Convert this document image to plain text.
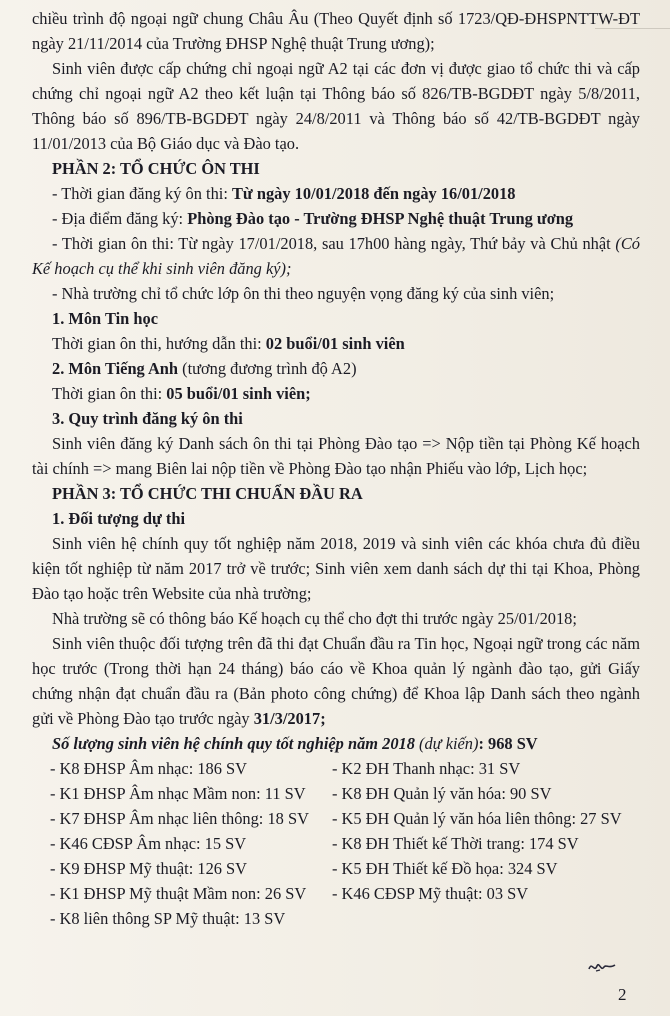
chiều trình độ ngoại ngữ chung Châu Âu (Theo Quyết định số 1723/QĐ-ĐHSPNTTW-ĐT ngày 21/11/2014 của Trường ĐHSP Nghệ thuật Trung ương);

Sinh viên được cấp chứng chỉ ngoại ngữ A2 tại các đơn vị được giao tổ chức thi và cấp chứng chỉ ngoại ngữ A2 theo kết luận tại Thông báo số 826/TB-BGDĐT ngày 5/8/2011, Thông báo số 896/TB-BGDĐT ngày 24/8/2011 và Thông báo số 42/TB-BGDĐT ngày 11/01/2013 của Bộ Giáo dục và Đào tạo.

PHẦN 2: TỔ CHỨC ÔN THI

- Thời gian đăng ký ôn thi: Từ ngày 10/01/2018 đến ngày 16/01/2018

- Địa điểm đăng ký: Phòng Đào tạo - Trường ĐHSP Nghệ thuật Trung ương

- Thời gian ôn thi: Từ ngày 17/01/2018, sau 17h00 hàng ngày, Thứ bảy và Chủ nhật (Có Kế hoạch cụ thể khi sinh viên đăng ký);

- Nhà trường chỉ tổ chức lớp ôn thi theo nguyện vọng đăng ký của sinh viên;

1. Môn Tin học

Thời gian ôn thi, hướng dẫn thi: 02 buổi/01 sinh viên

2. Môn Tiếng Anh (tương đương trình độ A2)

Thời gian ôn thi: 05 buổi/01 sinh viên;

3. Quy trình đăng ký ôn thi

Sinh viên đăng ký Danh sách ôn thi tại Phòng Đào tạo => Nộp tiền tại Phòng Kế hoạch tài chính => mang Biên lai nộp tiền về Phòng Đào tạo nhận Phiếu vào lớp, Lịch học;

PHẦN 3: TỔ CHỨC THI CHUẨN ĐẦU RA

1. Đối tượng dự thi

Sinh viên hệ chính quy tốt nghiệp năm 2018, 2019 và sinh viên các khóa chưa đủ điều kiện tốt nghiệp từ năm 2017 trở về trước; Sinh viên xem danh sách dự thi tại Khoa, Phòng Đào tạo hoặc trên Website của nhà trường;

Nhà trường sẽ có thông báo Kế hoạch cụ thể cho đợt thi trước ngày 25/01/2018;

Sinh viên thuộc đối tượng trên đã thi đạt Chuẩn đầu ra Tin học, Ngoại ngữ trong các năm học trước (Trong thời hạn 24 tháng) báo cáo về Khoa quản lý ngành đào tạo, gửi Giấy chứng nhận đạt chuẩn đầu ra (Bản photo công chứng) để Khoa lập Danh sách theo ngành gửi về Phòng Đào tạo trước ngày 31/3/2017;

Số lượng sinh viên hệ chính quy tốt nghiệp năm 2018 (dự kiến): 968 SV

- K8 ĐHSP Âm nhạc: 186 SV	- K2 ĐH Thanh nhạc: 31 SV
- K1 ĐHSP Âm nhạc Mầm non: 11 SV	- K8 ĐH Quản lý văn hóa: 90 SV
- K7 ĐHSP Âm nhạc liên thông: 18 SV	- K5 ĐH Quản lý văn hóa liên thông: 27 SV
- K46 CĐSP Âm nhạc: 15 SV	- K8 ĐH Thiết kế Thời trang: 174 SV
- K9 ĐHSP Mỹ thuật: 126 SV	- K5 ĐH Thiết kế Đồ họa: 324 SV
- K1 ĐHSP Mỹ thuật Mầm non: 26 SV	- K46 CĐSP Mỹ thuật: 03 SV
- K8 liên thông SP Mỹ thuật: 13 SV
2
